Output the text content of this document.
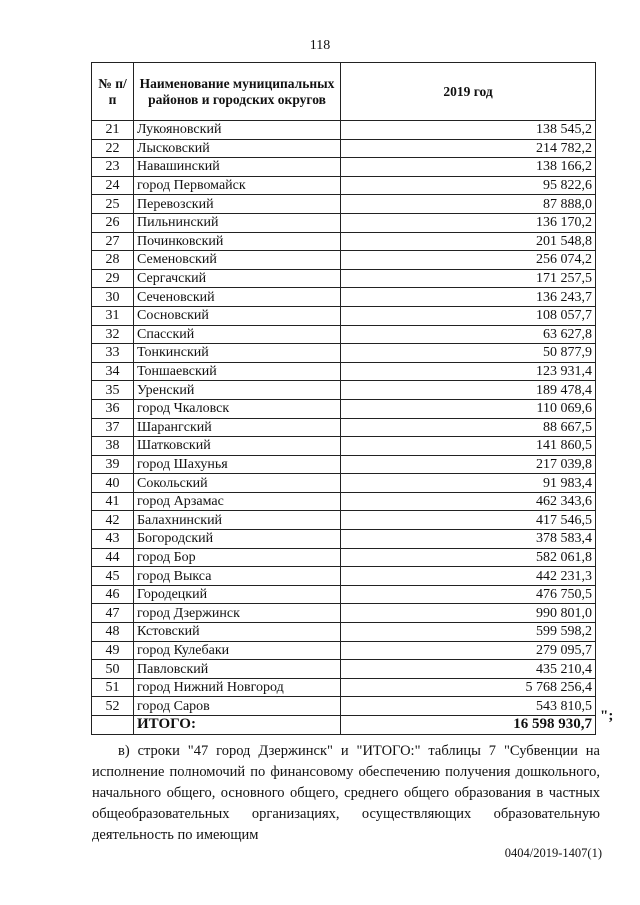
118
№ п/п	Наименование муниципальных районов и городских округов	2019 год
21	Лукояновский	138 545,2
22	Лысковский	214 782,2
23	Навашинский	138 166,2
24	город Первомайск	95 822,6
25	Перевозский	87 888,0
26	Пильнинский	136 170,2
27	Починковский	201 548,8
28	Семеновский	256 074,2
29	Сергачский	171 257,5
30	Сеченовский	136 243,7
31	Сосновский	108 057,7
32	Спасский	63 627,8
33	Тонкинский	50 877,9
34	Тоншаевский	123 931,4
35	Уренский	189 478,4
36	город Чкаловск	110 069,6
37	Шарангский	88 667,5
38	Шатковский	141 860,5
39	город Шахунья	217 039,8
40	Сокольский	91 983,4
41	город Арзамас	462 343,6
42	Балахнинский	417 546,5
43	Богородский	378 583,4
44	город Бор	582 061,8
45	город Выкса	442 231,3
46	Городецкий	476 750,5
47	город Дзержинск	990 801,0
48	Кстовский	599 598,2
49	город Кулебаки	279 095,7
50	Павловский	435 210,4
51	город Нижний Новгород	5 768 256,4
52	город Саров	543 810,5
	ИТОГО:	16 598 930,7
";
в) строки "47 город Дзержинск" и "ИТОГО:" таблицы 7 "Субвенции на исполнение полномочий по финансовому обеспечению получения дошкольного, начального общего, основного общего, среднего общего образования в частных общеобразовательных организациях, осуществляющих образовательную деятельность по имеющим
0404/2019-1407(1)
